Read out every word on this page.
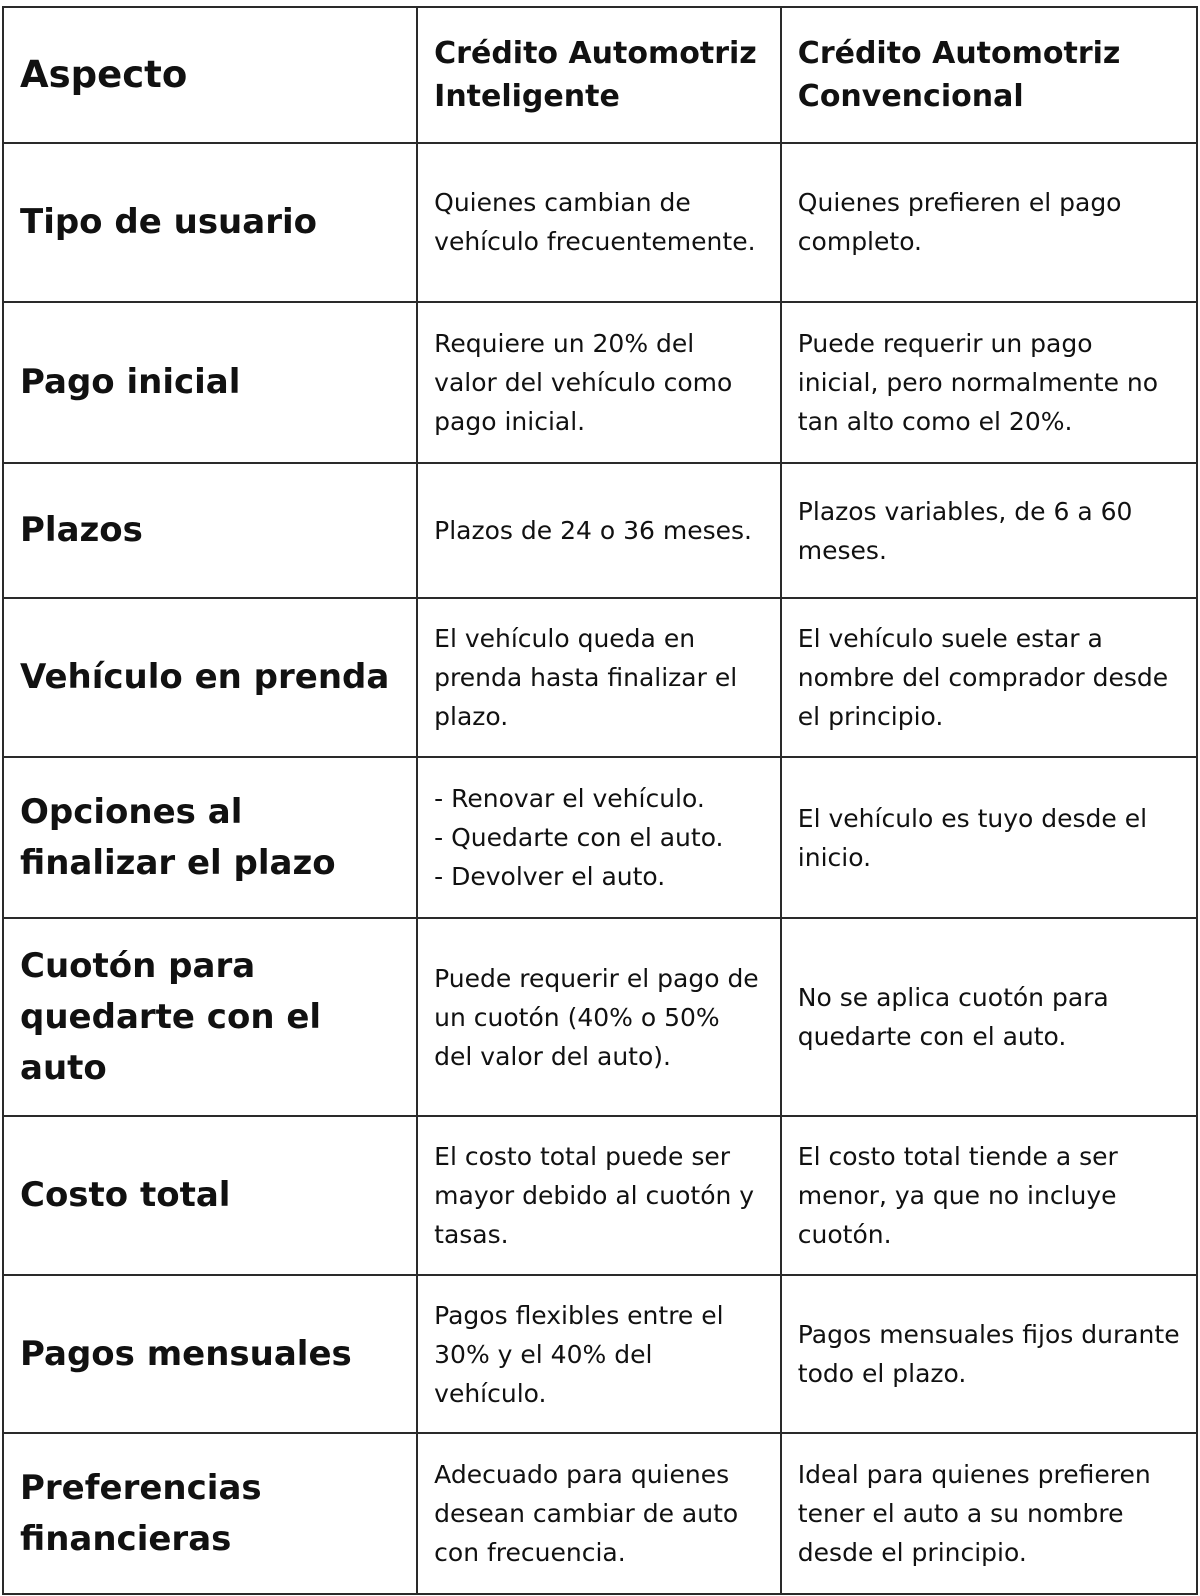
Aspecto	Crédito Automotriz Inteligente	Crédito Automotriz Convencional
Tipo de usuario	Quienes cambian de vehículo frecuentemente.	Quienes prefieren el pago completo.
Pago inicial	Requiere un 20% del valor del vehículo como pago inicial.	Puede requerir un pago inicial, pero normalmente no tan alto como el 20%.
Plazos	Plazos de 24 o 36 meses.	Plazos variables, de 6 a 60 meses.
Vehículo en prenda	El vehículo queda en prenda hasta finalizar el plazo.	El vehículo suele estar a nombre del comprador desde el principio.
Opciones al finalizar el plazo	- Renovar el vehículo.
- Quedarte con el auto.
- Devolver el auto.	El vehículo es tuyo desde el inicio.
Cuotón para quedarte con el auto	Puede requerir el pago de un cuotón (40% o 50% del valor del auto).	No se aplica cuotón para quedarte con el auto.
Costo total	El costo total puede ser mayor debido al cuotón y tasas.	El costo total tiende a ser menor, ya que no incluye cuotón.
Pagos mensuales	Pagos flexibles entre el 30% y el 40% del vehículo.	Pagos mensuales fijos durante todo el plazo.
Preferencias financieras	Adecuado para quienes desean cambiar de auto con frecuencia.	Ideal para quienes prefieren tener el auto a su nombre desde el principio.
